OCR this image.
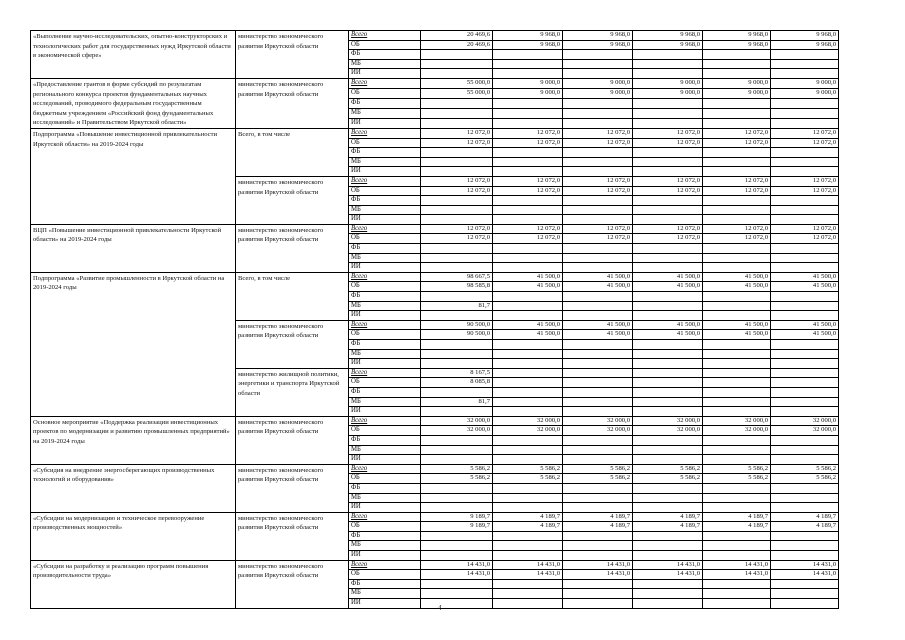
«Выполнение научно-исследовательских, опытно-конструкторских и технологических работ для государственных нужд Иркутской области в экономической сфере»	министерство экономического развития Иркутской области	Всего	20 469,6	9 968,0	9 968,0	9 968,0	9 968,0	9 968,0
		ОБ	20 469,6	9 968,0	9 968,0	9 968,0	9 968,0	9 968,0
		ФБ						
		МБ						
		ИИ						
«Предоставление грантов в форме субсидий по результатам регионального конкурса проектов фундаментальных научных исследований, проводимого федеральным государственным бюджетным учреждением «Российский фонд фундаментальных исследований» и Правительством Иркутской области»	министерство экономического развития Иркутской области	Всего	55 000,0	9 000,0	9 000,0	9 000,0	9 000,0	9 000,0
		ОБ	55 000,0	9 000,0	9 000,0	9 000,0	9 000,0	9 000,0
		ФБ						
		МБ						
		ИИ						
Подпрограмма «Повышение инвестиционной привлекательности Иркутской области» на 2019-2024 годы	Всего, в том числе	Всего	12 072,0	12 072,0	12 072,0	12 072,0	12 072,0	12 072,0
		ОБ	12 072,0	12 072,0	12 072,0	12 072,0	12 072,0	12 072,0
		ФБ						
		МБ						
		ИИ						
	министерство экономического развития Иркутской области	Всего	12 072,0	12 072,0	12 072,0	12 072,0	12 072,0	12 072,0
		ОБ	12 072,0	12 072,0	12 072,0	12 072,0	12 072,0	12 072,0
		ФБ						
		МБ						
		ИИ						
ВЦП «Повышение инвестиционной привлекательности Иркутской области» на 2019-2024 годы	министерство экономического развития Иркутской области	Всего	12 072,0	12 072,0	12 072,0	12 072,0	12 072,0	12 072,0
		ОБ	12 072,0	12 072,0	12 072,0	12 072,0	12 072,0	12 072,0
		ФБ						
		МБ						
		ИИ						
Подпрограмма «Развитие промышленности в Иркутской области на 2019-2024 годы	Всего, в том числе	Всего	98 667,5	41 500,0	41 500,0	41 500,0	41 500,0	41 500,0
		ОБ	98 585,8	41 500,0	41 500,0	41 500,0	41 500,0	41 500,0
		ФБ						
		МБ	81,7					
		ИИ						
	министерство экономического развития Иркутской области	Всего	90 500,0	41 500,0	41 500,0	41 500,0	41 500,0	41 500,0
		ОБ	90 500,0	41 500,0	41 500,0	41 500,0	41 500,0	41 500,0
		ФБ						
		МБ						
		ИИ						
	министерство жилищной политики, энергетики и транспорта Иркутской области	Всего	8 167,5					
		ОБ	8 085,8					
		ФБ						
		МБ	81,7					
		ИИ						
Основное мероприятие «Поддержка реализации инвестиционных проектов по модернизации и развитию промышленных предприятий» на 2019-2024 годы	министерство экономического развития Иркутской области	Всего	32 000,0	32 000,0	32 000,0	32 000,0	32 000,0	32 000,0
		ОБ	32 000,0	32 000,0	32 000,0	32 000,0	32 000,0	32 000,0
		ФБ						
		МБ						
		ИИ						
«Субсидия на внедрение энергосберегающих производственных технологий и оборудования»	министерство экономического развития Иркутской области	Всего	5 586,2	5 586,2	5 586,2	5 586,2	5 586,2	5 586,2
		ОБ	5 586,2	5 586,2	5 586,2	5 586,2	5 586,2	5 586,2
		ФБ						
		МБ						
		ИИ						
«Субсидии на модернизацию и техническое перевооружение производственных мощностей»	министерство экономического развития Иркутской области	Всего	9 189,7	4 189,7	4 189,7	4 189,7	4 189,7	4 189,7
		ОБ	9 189,7	4 189,7	4 189,7	4 189,7	4 189,7	4 189,7
		ФБ						
		МБ						
		ИИ						
«Субсидии на разработку и реализацию программ повышения производительности труда»	министерство экономического развития Иркутской области	Всего	14 431,0	14 431,0	14 431,0	14 431,0	14 431,0	14 431,0
		ОБ	14 431,0	14 431,0	14 431,0	14 431,0	14 431,0	14 431,0
		ФБ						
		МБ						
		ИИ						
4
